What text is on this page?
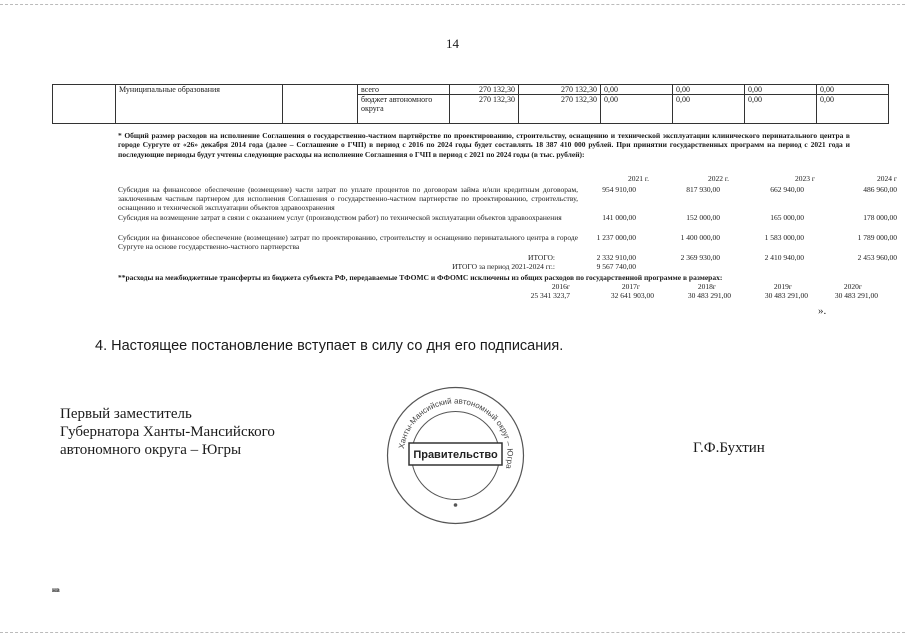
14
	Муниципальные образования		всего	270 132,30	270 132,30	0,00	0,00	0,00	0,00
			бюджет автономного округа	270 132,30	270 132,30	0,00	0,00	0,00	0,00
* Общий размер расходов на исполнение Соглашения о государственно-частном партнёрстве по проектированию, строительству, оснащению и технической эксплуатации клинического перинатального центра в городе Сургуте от «26» декабря 2014 года (далее – Соглашение о ГЧП) в период с 2016 по 2024 годы будет составлять 18 387 410 000 рублей. При принятии государственных программ на период с 2021 года и последующие периоды будут учтены следующие расходы на исполнение Соглашения о ГЧП в период с 2021 по 2024 годы (в тыс. рублей):
2021 г.	2022 г.	2023 г	2024 г
Субсидия на финансовое обеспечение (возмещение) части затрат по уплате процентов по договорам займа и/или кредитным договорам, заключенным частным партнером для исполнения Соглашения о государственно-частном партнерстве по проектированию, строительству, оснащению и технической эксплуатации объектов здравоохранения
954 910,00	817 930,00	662 940,00	486 960,00
Субсидия на возмещение затрат в связи с оказанием услуг (производством работ) по технической эксплуатации объектов здравоохранения	141 000,00	152 000,00	165 000,00	178 000,00
Субсидии на финансовое обеспечение (возмещение) затрат по проектированию, строительству и оснащению перинатального центра в городе Сургуте на основе государственно-частного партнерства
1 237 000,00	1 400 000,00	1 583 000,00	1 789 000,00
ИТОГО:	2 332 910,00	2 369 930,00	2 410 940,00	2 453 960,00
ИТОГО за период 2021-2024 гг.:	9 567 740,00
**расходы на межбюджетные трансферты из бюджета субъекта РФ, передаваемые ТФОМС и ФФОМС исключены из общих расходов по государственной программе в размерах:
2016г	2017г	2018г	2019г	2020г
25 341 323,7	32 641 903,00	30 483 291,00	30 483 291,00	30 483 291,00
».
4. Настоящее постановление вступает в силу со дня его подписания.
Первый заместитель
Губернатора Ханты-Мансийского
автономного округа – Югры	Ханты-Мансийский автономный округ – Югра
Правительство	Г.Ф.Бухтин
нв
